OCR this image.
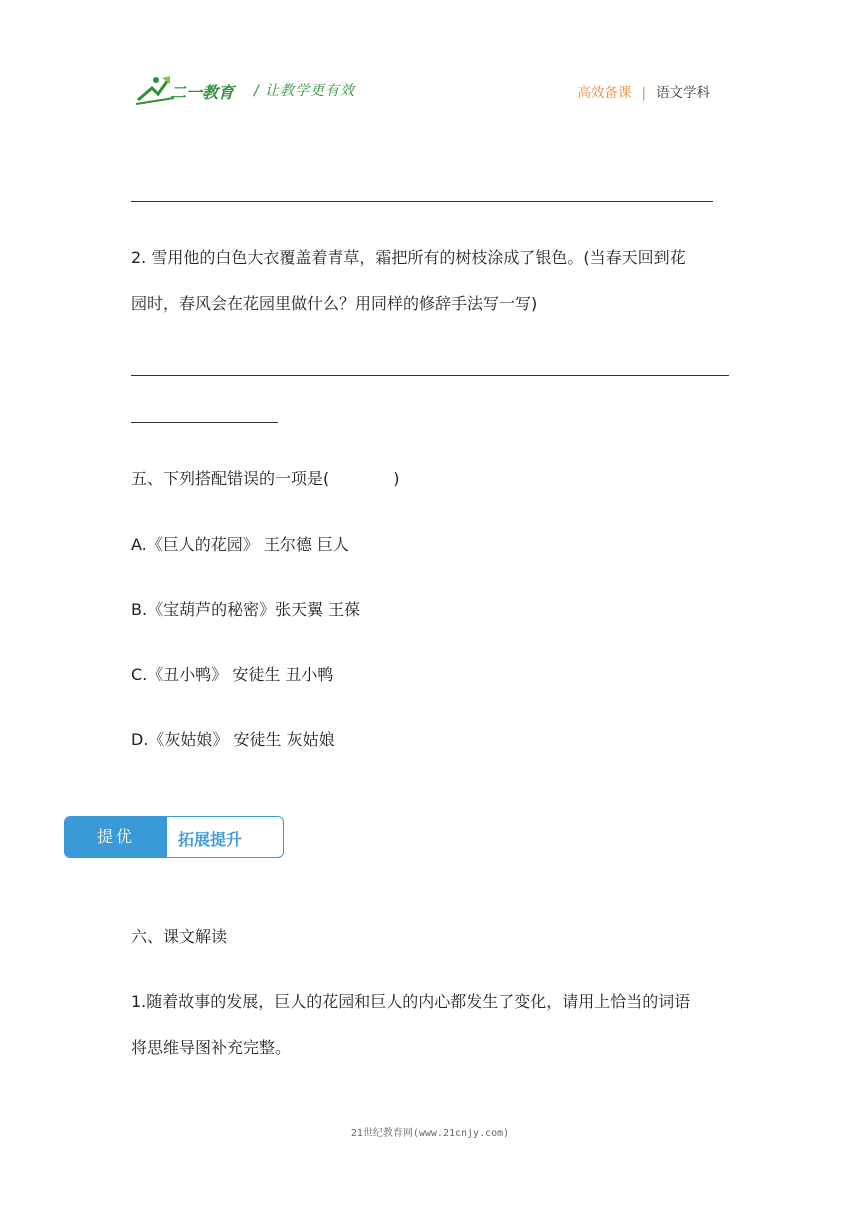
二一教育 / 让教学更有效	高效备课 | 语文学科
2. 雪用他的白色大衣覆盖着青草，霜把所有的树枝涂成了银色。(当春天回到花
园时，春风会在花园里做什么？用同样的修辞手法写一写)
五、下列搭配错误的一项是(　　　　)
A.《巨人的花园》 王尔德 巨人
B.《宝葫芦的秘密》张天翼 王葆
C.《丑小鸭》 安徒生 丑小鸭
D.《灰姑娘》 安徒生 灰姑娘
提优	拓展提升
六、课文解读
1.随着故事的发展，巨人的花园和巨人的内心都发生了变化，请用上恰当的词语
将思维导图补充完整。
21世纪教育网(www.21cnjy.com)
